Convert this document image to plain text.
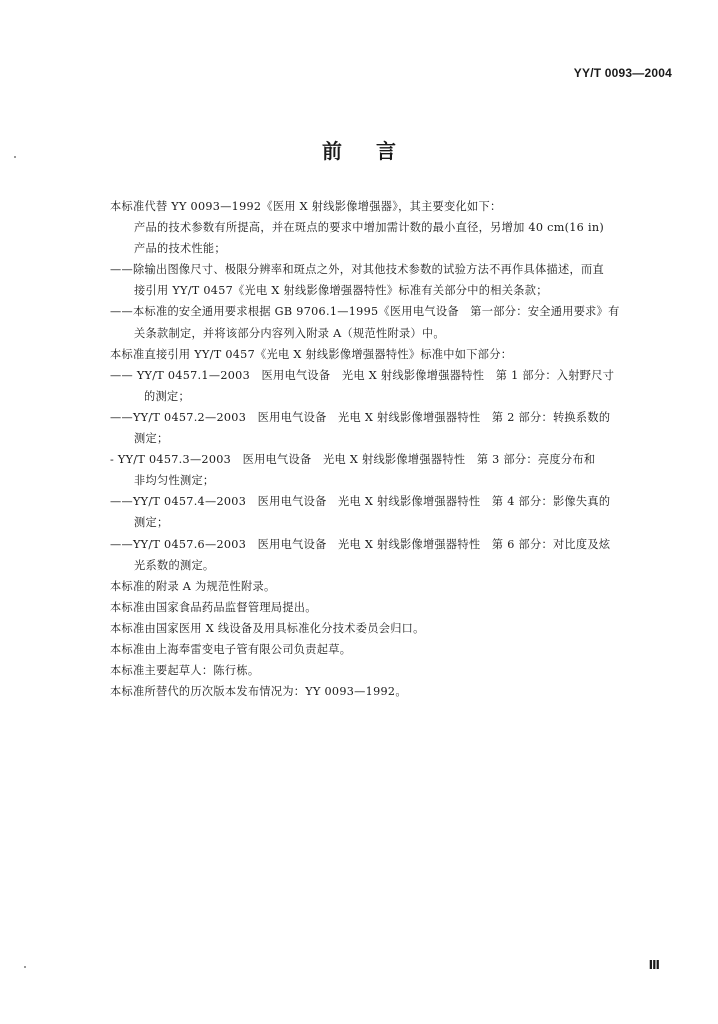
YY/T 0093—2004
前 言
本标准代替 YY 0093—1992《医用 X 射线影像增强器》，其主要变化如下：
产品的技术参数有所提高，并在斑点的要求中增加需计数的最小直径，另增加 40 cm(16 in)
产品的技术性能；
——除输出图像尺寸、极限分辨率和斑点之外，对其他技术参数的试验方法不再作具体描述，而直
接引用 YY/T 0457《光电 X 射线影像增强器特性》标准有关部分中的相关条款；
——本标准的安全通用要求根据 GB 9706.1—1995《医用电气设备　第一部分：安全通用要求》有
关条款制定，并将该部分内容列入附录 A（规范性附录）中。
本标准直接引用 YY/T 0457《光电 X 射线影像增强器特性》标准中如下部分：
—— YY/T 0457.1—2003　医用电气设备　光电 X 射线影像增强器特性　第 1 部分：入射野尺寸
的测定；
——YY/T 0457.2—2003　医用电气设备　光电 X 射线影像增强器特性　第 2 部分：转换系数的
测定；
- YY/T 0457.3—2003　医用电气设备　光电 X 射线影像增强器特性　第 3 部分：亮度分布和
非均匀性测定；
——YY/T 0457.4—2003　医用电气设备　光电 X 射线影像增强器特性　第 4 部分：影像失真的
测定；
——YY/T 0457.6—2003　医用电气设备　光电 X 射线影像增强器特性　第 6 部分：对比度及炫
光系数的测定。
本标准的附录 A 为规范性附录。
本标准由国家食品药品监督管理局提出。
本标准由国家医用 X 线设备及用具标准化分技术委员会归口。
本标准由上海奉雷变电子管有限公司负责起草。
本标准主要起草人：陈行栋。
本标准所替代的历次版本发布情况为：YY 0093—1992。
Ⅲ
